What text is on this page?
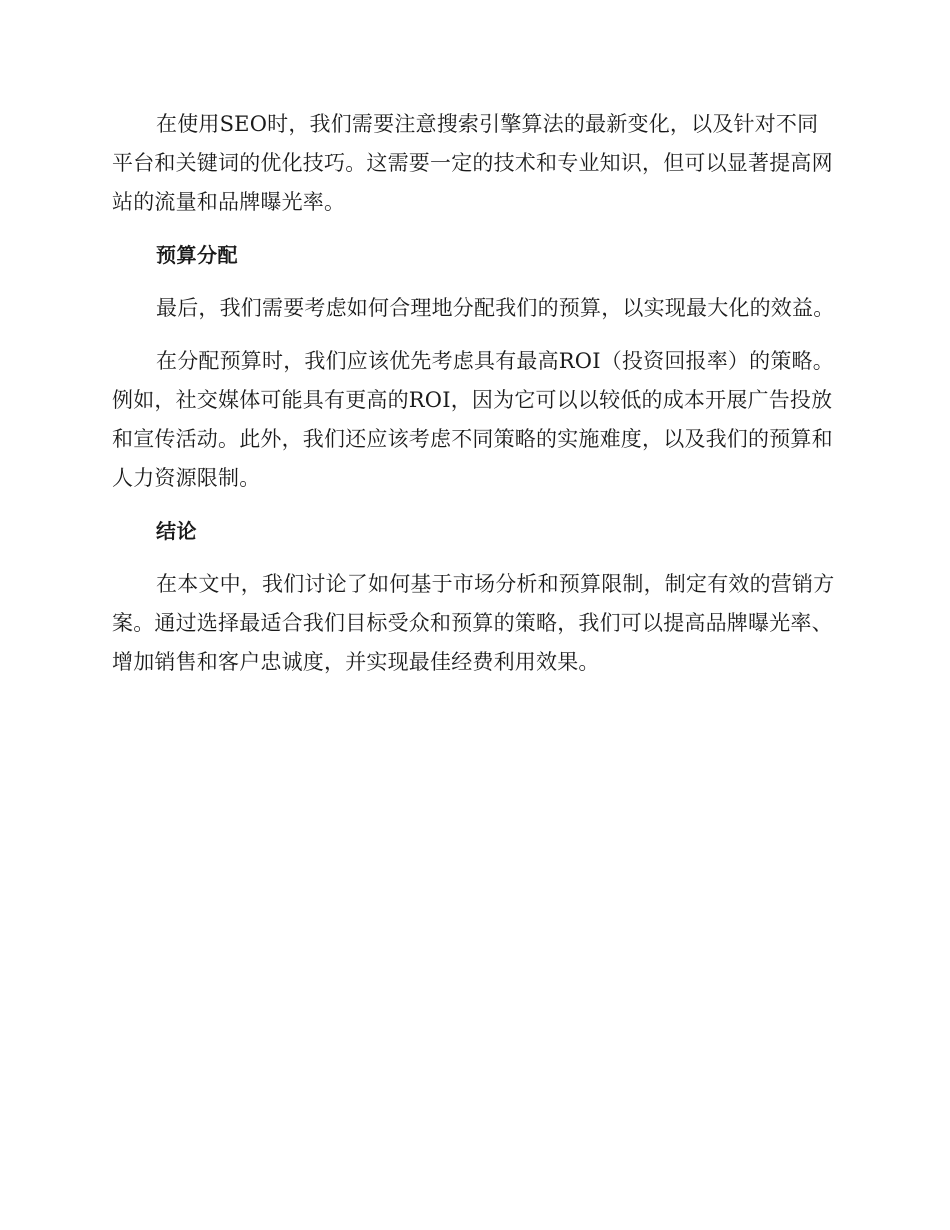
在使用SEO时，我们需要注意搜索引擎算法的最新变化，以及针对不同平台和关键词的优化技巧。这需要一定的技术和专业知识，但可以显著提高网站的流量和品牌曝光率。

预算分配

最后，我们需要考虑如何合理地分配我们的预算，以实现最大化的效益。

在分配预算时，我们应该优先考虑具有最高ROI（投资回报率）的策略。例如，社交媒体可能具有更高的ROI，因为它可以以较低的成本开展广告投放和宣传活动。此外，我们还应该考虑不同策略的实施难度，以及我们的预算和人力资源限制。

结论

在本文中，我们讨论了如何基于市场分析和预算限制，制定有效的营销方案。通过选择最适合我们目标受众和预算的策略，我们可以提高品牌曝光率、增加销售和客户忠诚度，并实现最佳经费利用效果。
